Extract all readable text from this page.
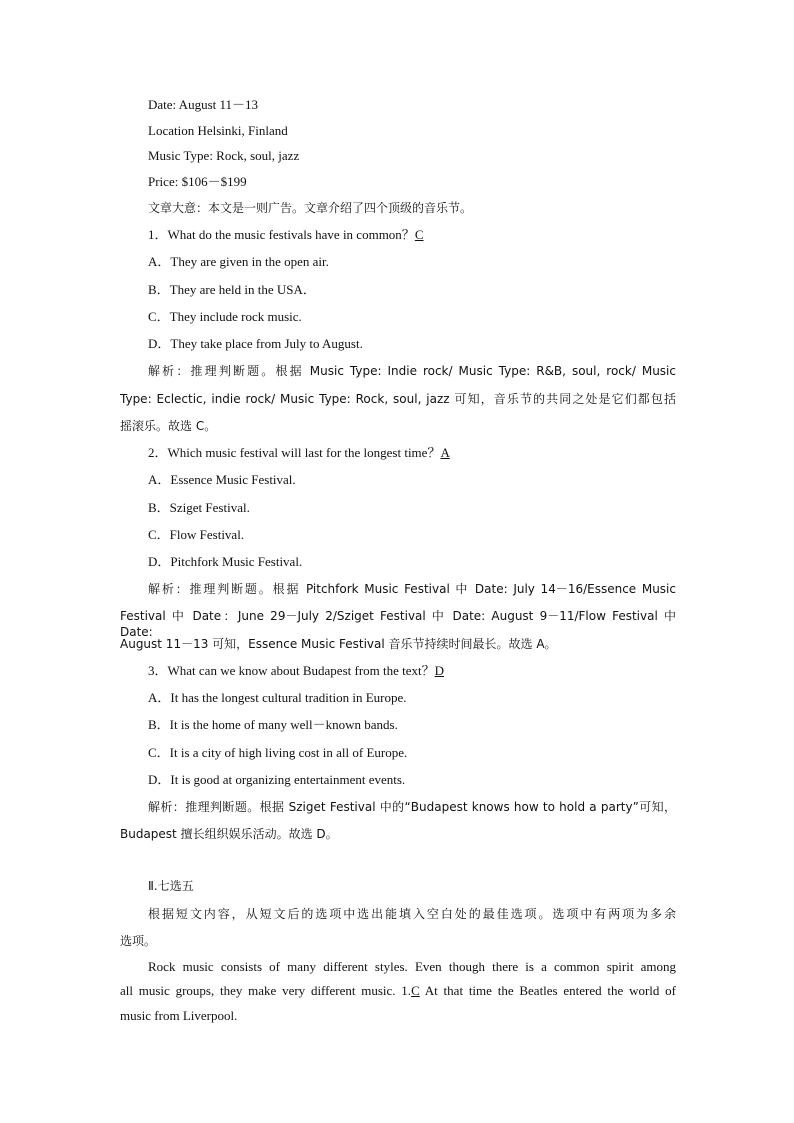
Date: August 11－13
Location Helsinki, Finland
Music Type: Rock, soul, jazz
Price: $106－$199
文章大意：本文是一则广告。文章介绍了四个顶级的音乐节。
1．What do the music festivals have in common？C
A．They are given in the open air.
B．They are held in the USA．
C．They include rock music.
D．They take place from July to August.
解析：推理判断题。根据 Music Type: Indie rock/ Music Type: R&B, soul, rock/ Music
Type: Eclectic, indie rock/ Music Type: Rock, soul, jazz 可知，音乐节的共同之处是它们都包括
摇滚乐。故选 C。
2．Which music festival will last for the longest time？A
A．Essence Music Festival.
B．Sziget Festival.
C．Flow Festival.
D．Pitchfork Music Festival.
解析：推理判断题。根据 Pitchfork Music Festival 中 Date: July 14－16/Essence Music
Festival 中 Date：June 29－July 2/Sziget Festival 中 Date: August 9－11/Flow Festival 中 Date:
August 11－13 可知，Essence Music Festival 音乐节持续时间最长。故选 A。
3．What can we know about Budapest from the text？D
A．It has the longest cultural tradition in Europe.
B．It is the home of many well－known bands.
C．It is a city of high living cost in all of Europe.
D．It is good at organizing entertainment events.
解析：推理判断题。根据 Sziget Festival 中的“Budapest knows how to hold a party”可知，
Budapest 擅长组织娱乐活动。故选 D。
Ⅱ.七选五
根据短文内容，从短文后的选项中选出能填入空白处的最佳选项。选项中有两项为多余
选项。
Rock music consists of many different styles. Even though there is a common spirit among
all music groups, they make very different music. 1.C At that time the Beatles entered the world of
music from Liverpool.
